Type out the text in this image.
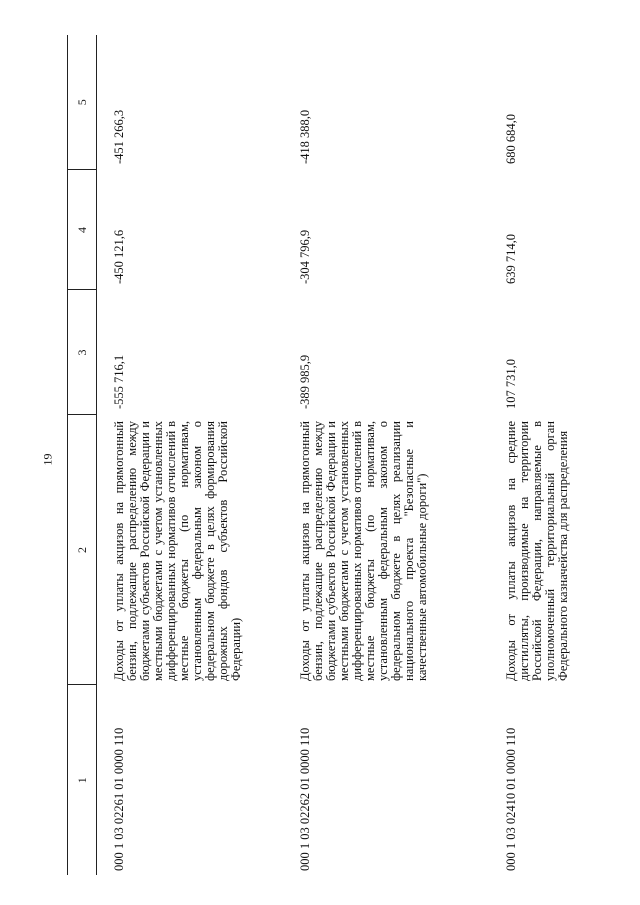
19
1	2	3	4	5
000 1 03 02261 01 0000 110	Доходы от уплаты акцизов на прямогонный бензин, подлежащие распределению между бюджетами субъектов Российской Федерации и местными бюджетами с учетом установленных дифференцированных нормативов отчислений в местные бюджеты (по нормативам, установленным федеральным законом о федеральном бюджете в целях формирования дорожных фондов субъектов Российской Федерации)	-555 716,1	-450 121,6	-451 266,3
000 1 03 02262 01 0000 110	Доходы от уплаты акцизов на прямогонный бензин, подлежащие распределению между бюджетами субъектов Российской Федерации и местными бюджетами с учетом установленных дифференцированных нормативов отчислений в местные бюджеты (по нормативам, установленным федеральным законом о федеральном бюджете в целях реализации национального проекта "Безопасные и качественные автомобильные дороги")	-389 985,9	-304 796,9	-418 388,0
000 1 03 02410 01 0000 110	Доходы от уплаты акцизов на средние дистилляты, производимые на территории Российской Федерации, направляемые в уполномоченный территориальный орган Федерального казначейства для распределения	107 731,0	639 714,0	680 684,0
